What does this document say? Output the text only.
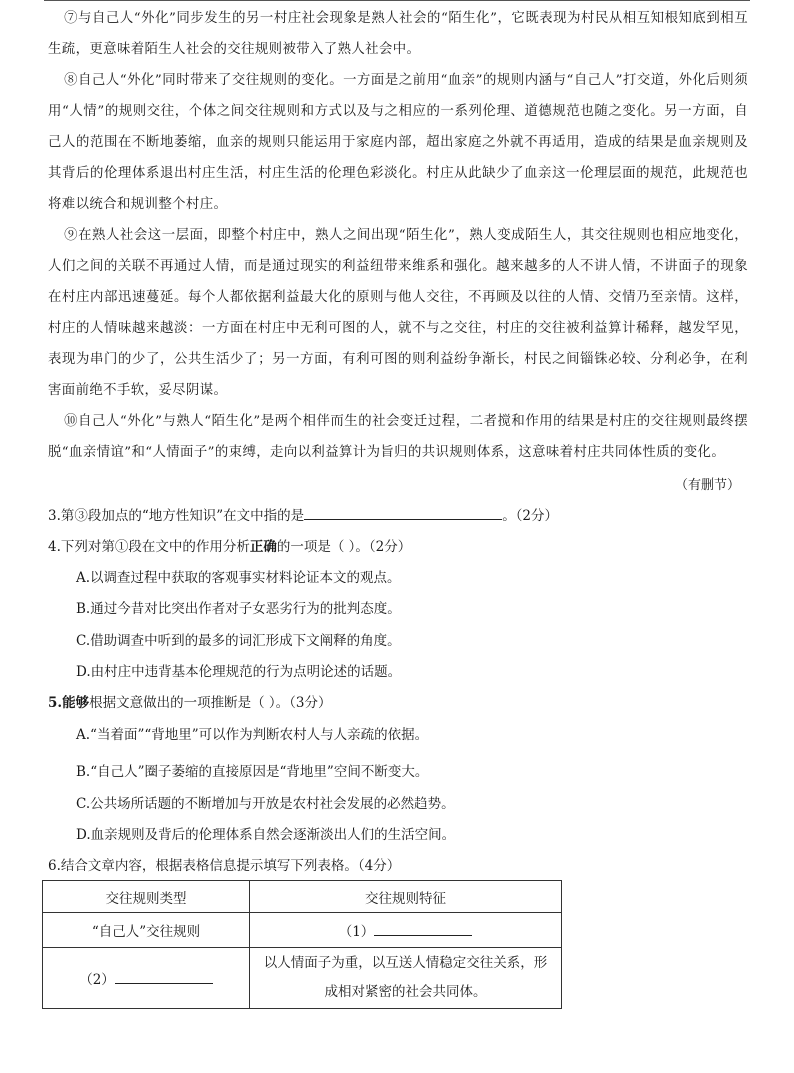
⑦与自己人“外化”同步发生的另一村庄社会现象是熟人社会的“陌生化”，它既表现为村民从相互知根知底到相互生疏，更意味着陌生人社会的交往规则被带入了熟人社会中。

⑧自己人“外化”同时带来了交往规则的变化。一方面是之前用“血亲”的规则内涵与“自己人”打交道，外化后则须用“人情”的规则交往，个体之间交往规则和方式以及与之相应的一系列伦理、道德规范也随之变化。另一方面，自己人的范围在不断地萎缩，血亲的规则只能运用于家庭内部，超出家庭之外就不再适用，造成的结果是血亲规则及其背后的伦理体系退出村庄生活，村庄生活的伦理色彩淡化。村庄从此缺少了血亲这一伦理层面的规范，此规范也将难以统合和规训整个村庄。

⑨在熟人社会这一层面，即整个村庄中，熟人之间出现“陌生化”，熟人变成陌生人，其交往规则也相应地变化，人们之间的关联不再通过人情，而是通过现实的利益纽带来维系和强化。越来越多的人不讲人情，不讲面子的现象在村庄内部迅速蔓延。每个人都依据利益最大化的原则与他人交往，不再顾及以往的人情、交情乃至亲情。这样，村庄的人情味越来越淡：一方面在村庄中无利可图的人，就不与之交往，村庄的交往被利益算计稀释，越发罕见，表现为串门的少了，公共生活少了；另一方面，有利可图的则利益纷争渐长，村民之间锱铢必较、分利必争，在利害面前绝不手软，妥尽阴谋。

⑩自己人“外化”与熟人“陌生化”是两个相伴而生的社会变迁过程，二者搅和作用的结果是村庄的交往规则最终摆脱“血亲情谊”和“人情面子”的束缚，走向以利益算计为旨归的共识规则体系，这意味着村庄共同体性质的变化。

（有删节）
3.第③段加点的“地方性知识”在文中指的是	。（2分）
4.下列对第①段在文中的作用分析正确的一项是（ ）。（2分）
A.以调查过程中获取的客观事实材料论证本文的观点。
B.通过今昔对比突出作者对子女恶劣行为的批判态度。
C.借助调查中听到的最多的词汇形成下文阐释的角度。
D.由村庄中违背基本伦理规范的行为点明论述的话题。
5.能够根据文意做出的一项推断是（ ）。（3分）
A.“当着面”“背地里”可以作为判断农村人与人亲疏的依据。
B.“自己人”圈子萎缩的直接原因是“背地里”空间不断变大。
C.公共场所话题的不断增加与开放是农村社会发展的必然趋势。
D.血亲规则及背后的伦理体系自然会逐渐淡出人们的生活空间。
6.结合文章内容，根据表格信息提示填写下列表格。（4分）
交往规则类型	交往规则特征
“自己人”交往规则	（1）
（2）	以人情面子为重，以互送人情稳定交往关系，形成相对紧密的社会共同体。
